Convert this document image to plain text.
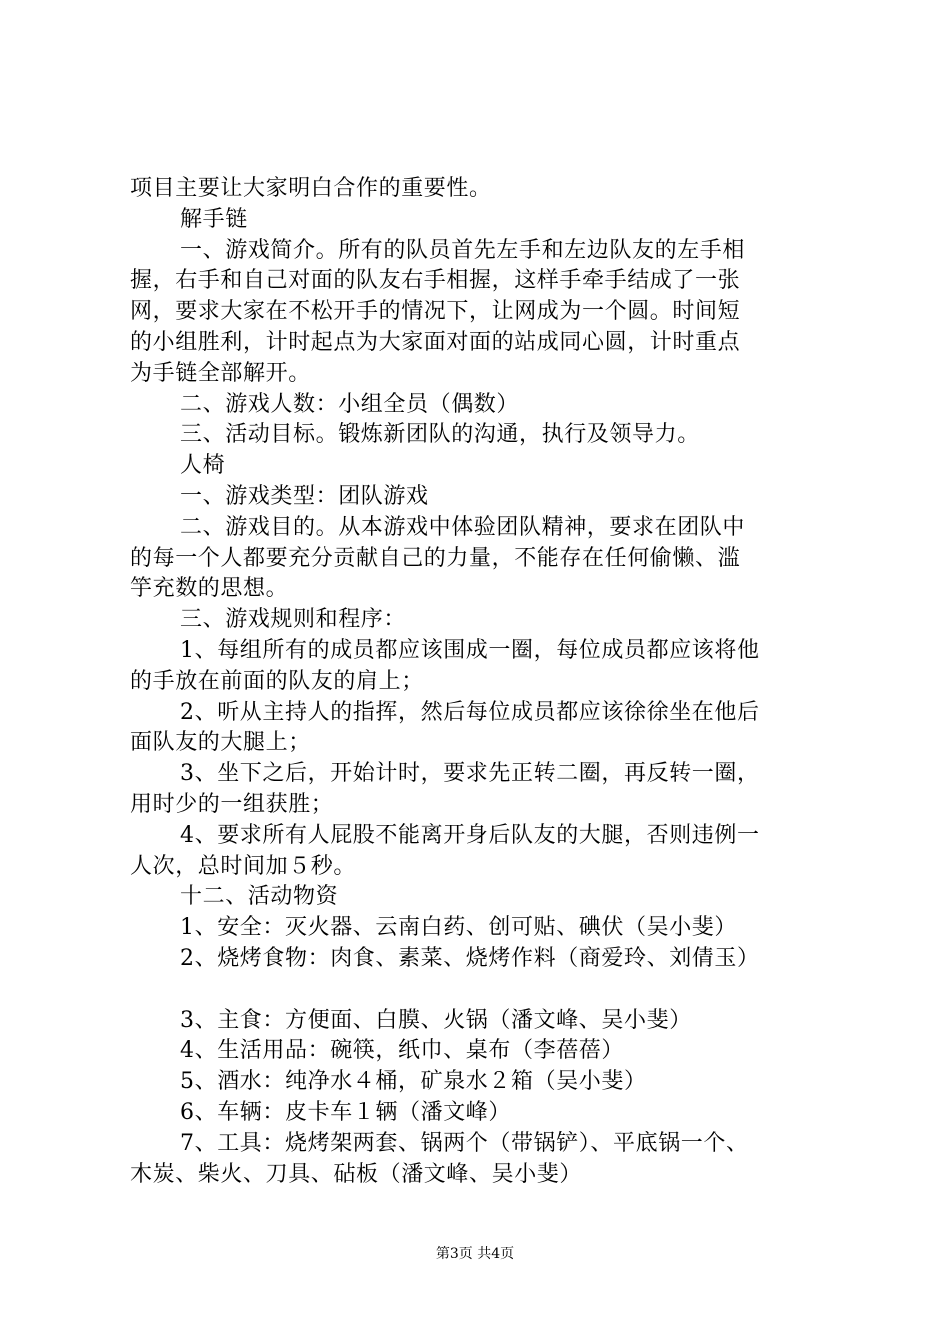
项目主要让大家明白合作的重要性。

解手链

一、游戏简介。所有的队员首先左手和左边队友的左手相

握，右手和自己对面的队友右手相握，这样手牵手结成了一张

网，要求大家在不松开手的情况下，让网成为一个圆。时间短

的小组胜利，计时起点为大家面对面的站成同心圆，计时重点

为手链全部解开。

二、游戏人数：小组全员（偶数）

三、活动目标。锻炼新团队的沟通，执行及领导力。

人椅

一、游戏类型：团队游戏

二、游戏目的。从本游戏中体验团队精神，要求在团队中

的每一个人都要充分贡献自己的力量，不能存在任何偷懒、滥

竽充数的思想。

三、游戏规则和程序：

1、每组所有的成员都应该围成一圈，每位成员都应该将他

的手放在前面的队友的肩上；

2、听从主持人的指挥，然后每位成员都应该徐徐坐在他后

面队友的大腿上；

3、坐下之后，开始计时，要求先正转二圈，再反转一圈，

用时少的一组获胜；

4、要求所有人屁股不能离开身后队友的大腿，否则违例一

人次，总时间加５秒。

十二、活动物资

1、安全：灭火器、云南白药、创可贴、碘伏（吴小斐）

2、烧烤食物：肉食、素菜、烧烤作料（商爱玲、刘倩玉）

3、主食：方便面、白膜、火锅（潘文峰、吴小斐）

4、生活用品：碗筷，纸巾、桌布（李蓓蓓）

5、酒水：纯净水４桶，矿泉水２箱（吴小斐）

6、车辆：皮卡车１辆（潘文峰）

7、工具：烧烤架两套、锅两个（带锅铲）、平底锅一个、

木炭、柴火、刀具、砧板（潘文峰、吴小斐）

第3页 共4页
